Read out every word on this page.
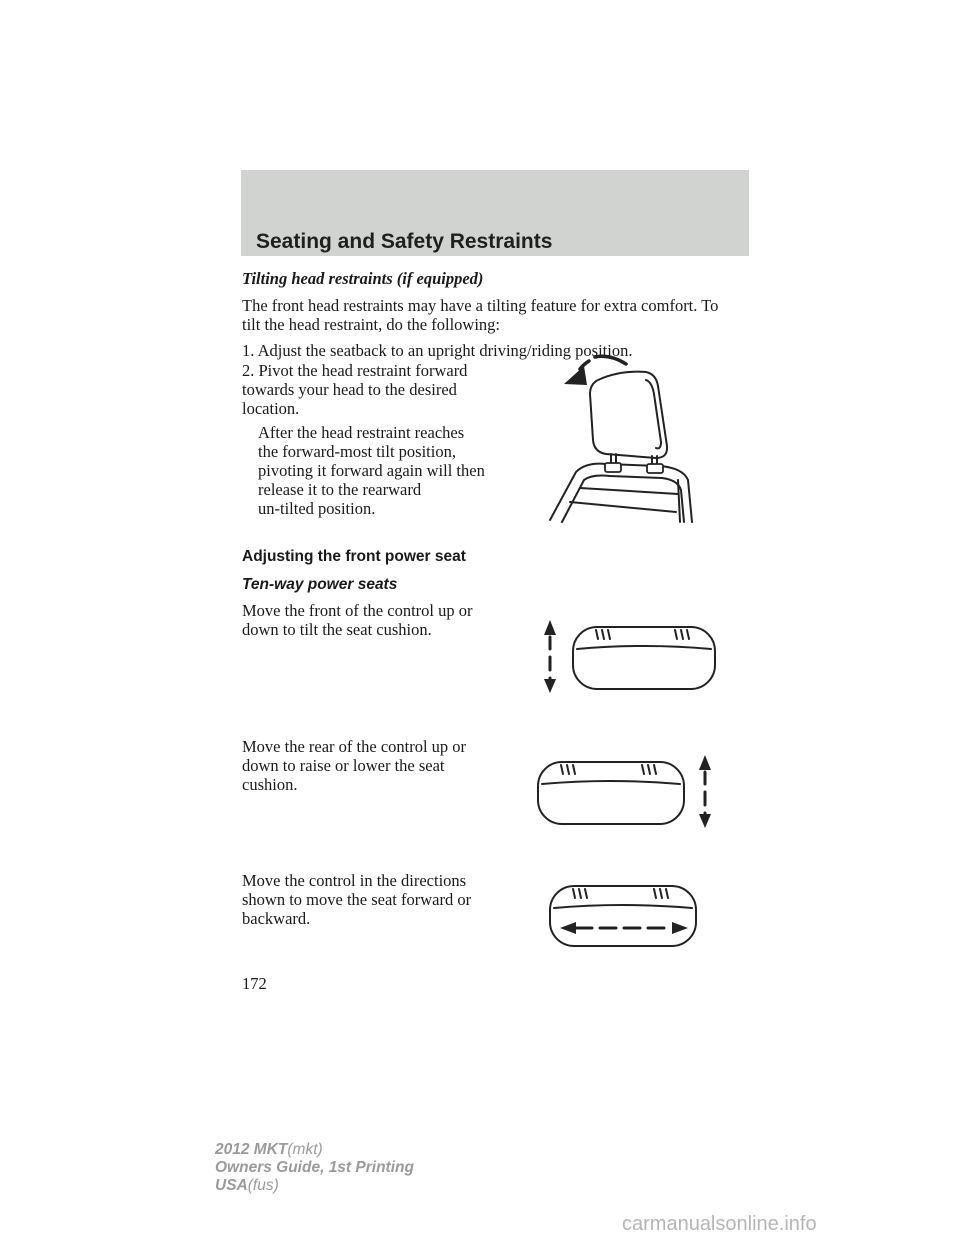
Seating and Safety Restraints

Tilting head restraints (if equipped)

The front head restraints may have a tilting feature for extra comfort. To

tilt the head restraint, do the following:

1. Adjust the seatback to an upright driving/riding position.

2. Pivot the head restraint forward

towards your head to the desired

location.

After the head restraint reaches

the forward-most tilt position,

pivoting it forward again will then

release it to the rearward

un-tilted position.

Adjusting the front power seat

Ten-way power seats

Move the front of the control up or

down to tilt the seat cushion.

Move the rear of the control up or

down to raise or lower the seat

cushion.

Move the control in the directions

shown to move the seat forward or

backward.

172
2012 MKT(mkt)
Owners Guide, 1st Printing
USA(fus)
carmanualsonline.info
